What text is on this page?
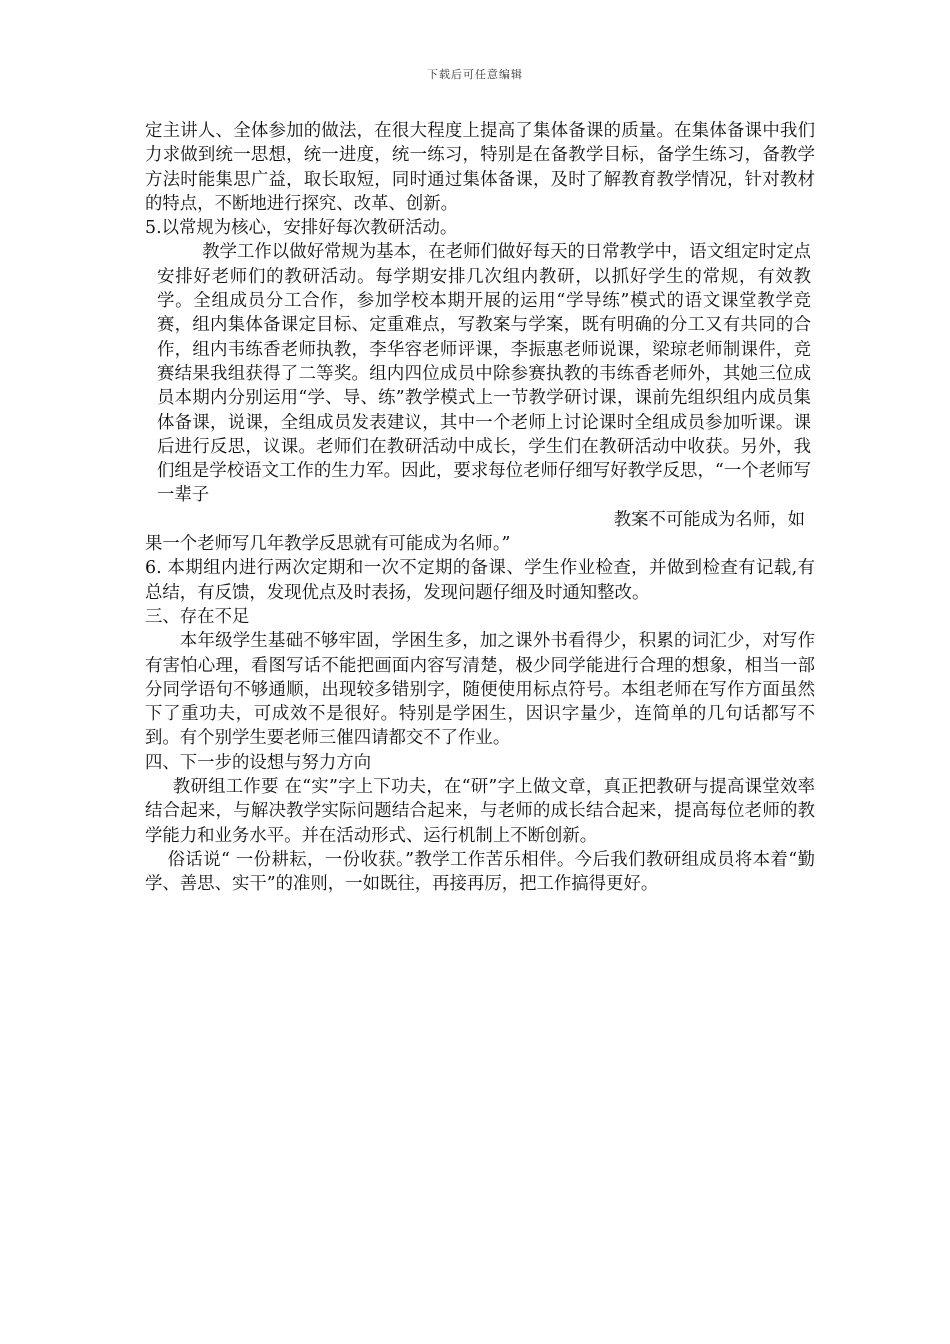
下载后可任意编辑

定主讲人、全体参加的做法，在很大程度上提高了集体备课的质量。在集体备课中我们力求做到统一思想，统一进度，统一练习，特别是在备教学目标，备学生练习，备教学方法时能集思广益，取长取短，同时通过集体备课，及时了解教育教学情况，针对教材的特点，不断地进行探究、改革、创新。

5.以常规为核心，安排好每次教研活动。

教学工作以做好常规为基本，在老师们做好每天的日常教学中，语文组定时定点安排好老师们的教研活动。每学期安排几次组内教研，以抓好学生的常规，有效教学。全组成员分工合作，参加学校本期开展的运用“学导练”模式的语文课堂教学竞赛，组内集体备课定目标、定重难点，写教案与学案，既有明确的分工又有共同的合作，组内韦练香老师执教，李华容老师评课，李振惠老师说课，梁琼老师制课件，竞赛结果我组获得了二等奖。组内四位成员中除参赛执教的韦练香老师外，其她三位成员本期内分别运用“学、导、练”教学模式上一节教学研讨课，课前先组织组内成员集体备课，说课，全组成员发表建议，其中一个老师上讨论课时全组成员参加听课。课后进行反思，议课。老师们在教研活动中成长，学生们在教研活动中收获。另外，我们组是学校语文工作的生力军。因此，要求每位老师仔细写好教学反思，“一个老师写一辈子

教案不可能成为名师，如

果一个老师写几年教学反思就有可能成为名师。”

6. 本期组内进行两次定期和一次不定期的备课、学生作业检查，并做到检查有记载,有总结，有反馈，发现优点及时表扬，发现问题仔细及时通知整改。

三、存在不足

本年级学生基础不够牢固，学困生多，加之课外书看得少，积累的词汇少，对写作有害怕心理，看图写话不能把画面内容写清楚，极少同学能进行合理的想象，相当一部分同学语句不够通顺，出现较多错别字，随便使用标点符号。本组老师在写作方面虽然下了重功夫，可成效不是很好。特别是学困生，因识字量少，连简单的几句话都写不到。有个别学生要老师三催四请都交不了作业。

四、下一步的设想与努力方向

教研组工作要 在“实”字上下功夫，在“研”字上做文章，真正把教研与提高课堂效率结合起来，与解决教学实际问题结合起来，与老师的成长结合起来，提高每位老师的教学能力和业务水平。并在活动形式、运行机制上不断创新。

俗话说“ 一份耕耘，一份收获。”教学工作苦乐相伴。今后我们教研组成员将本着“勤学、善思、实干”的准则，一如既往，再接再厉，把工作搞得更好。
